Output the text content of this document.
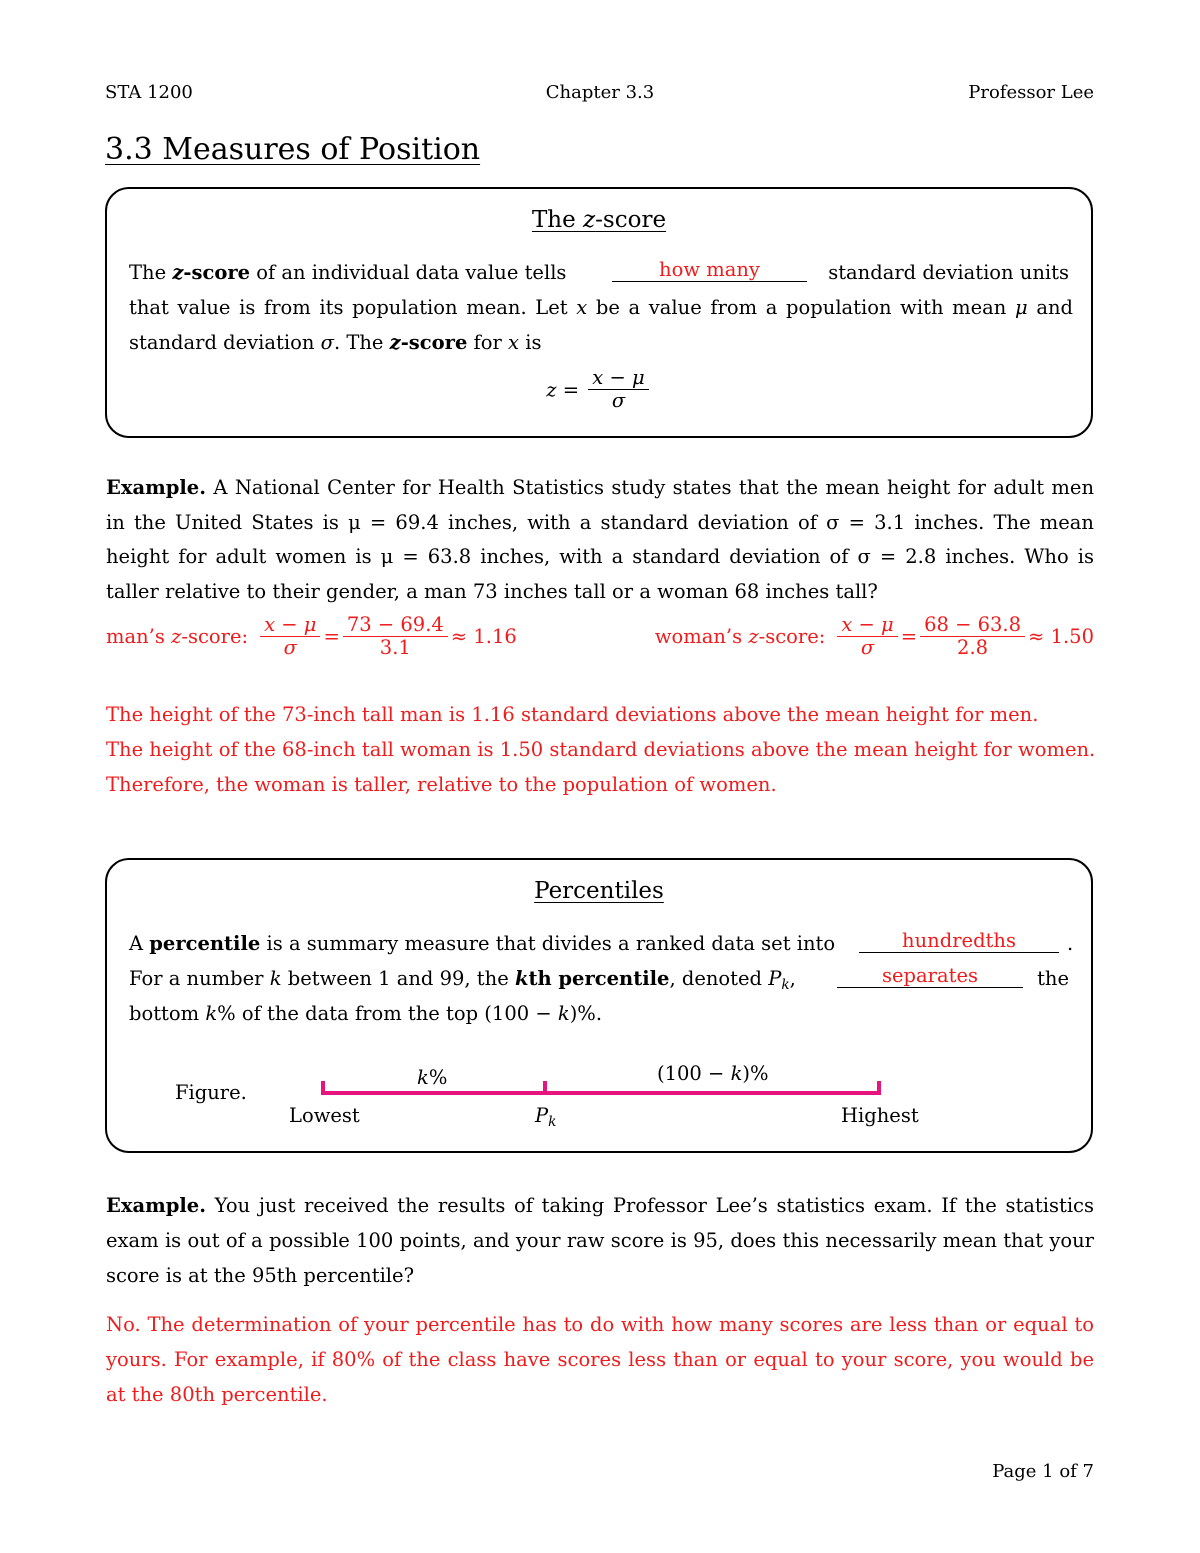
STA 1200	Chapter 3.3	Professor Lee
3.3 Measures of Position
The z-score
The z-score of an individual data value tells	how many	standard deviation units
that value is from its population mean. Let x be a value from a population with mean μ and
standard deviation σ. The z-score for x is
$z = \frac{x - \mu}{\sigma}$
Example. A National Center for Health Statistics study states that the mean height for adult men
in the United States is μ = 69.4 inches, with a standard deviation of σ = 3.1 inches. The mean
height for adult women is μ = 63.8 inches, with a standard deviation of σ = 2.8 inches. Who is
taller relative to their gender, a man 73 inches tall or a woman 68 inches tall?
man’s z-score: $\frac{x - \mu}{\sigma} = \frac{73 - 69.4}{3.1} \approx 1.16$	woman’s z-score: $\frac{x - \mu}{\sigma} = \frac{68 - 63.8}{2.8} \approx 1.50$
The height of the 73-inch tall man is 1.16 standard deviations above the mean height for men.
The height of the 68-inch tall woman is 1.50 standard deviations above the mean height for women.
Therefore, the woman is taller, relative to the population of women.
Percentiles
A percentile is a summary measure that divides a ranked data set into	hundredths	.
For a number k between 1 and 99, the kth percentile, denoted $P_k$,	separates	the
bottom k% of the data from the top (100 − k)%.
Figure.
k%	(100 − k)%
Lowest	$P_k$	Highest
Example. You just received the results of taking Professor Lee’s statistics exam. If the statistics
exam is out of a possible 100 points, and your raw score is 95, does this necessarily mean that your
score is at the 95th percentile?
No. The determination of your percentile has to do with how many scores are less than or equal to
yours. For example, if 80% of the class have scores less than or equal to your score, you would be
at the 80th percentile.
Page 1 of 7
